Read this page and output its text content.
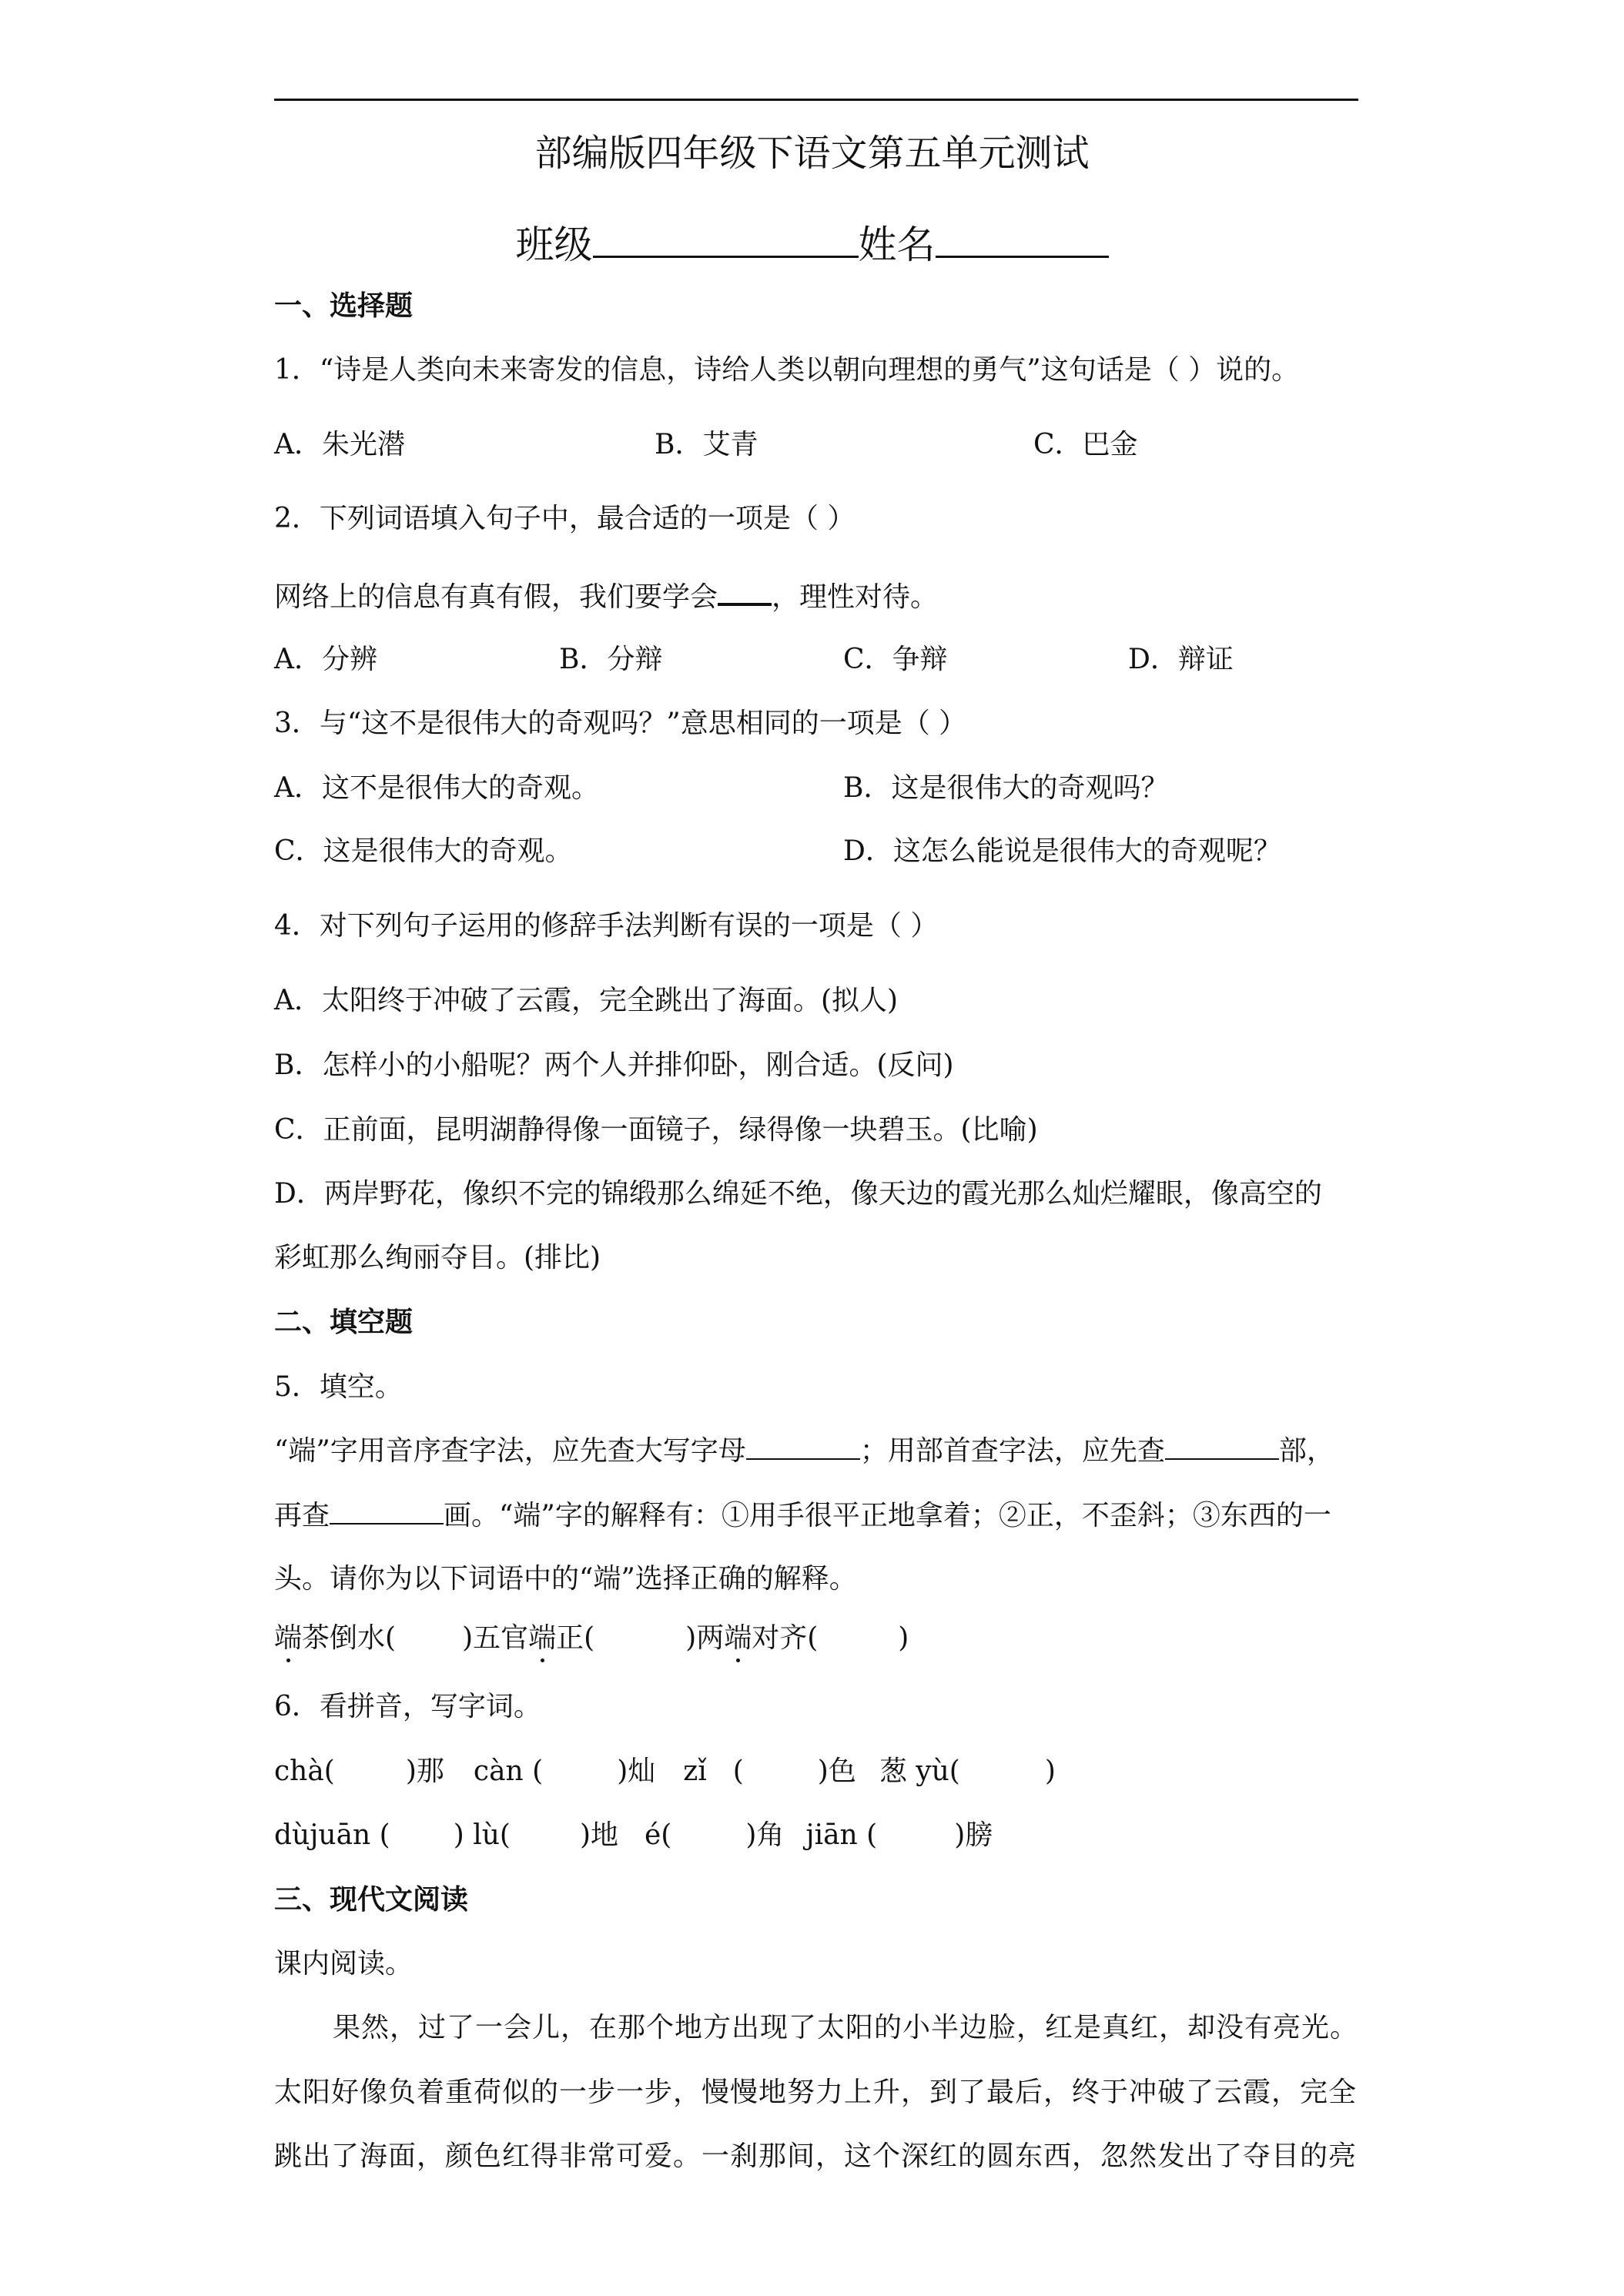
部编版四年级下语文第五单元测试
班级	姓名
一、选择题
1．“诗是人类向未来寄发的信息，诗给人类以朝向理想的勇气”这句话是（ ）说的。
A．朱光潜	B．艾青	C．巴金
2．下列词语填入句子中，最合适的一项是（ ）
网络上的信息有真有假，我们要学会 ，理性对待。
A．分辨	B．分辩	C．争辩	D．辩证
3．与“这不是很伟大的奇观吗？”意思相同的一项是（ ）
A．这不是很伟大的奇观。	B．这是很伟大的奇观吗？
C．这是很伟大的奇观。	D．这怎么能说是很伟大的奇观呢？
4．对下列句子运用的修辞手法判断有误的一项是（ ）
A．太阳终于冲破了云霞，完全跳出了海面。(拟人)
B．怎样小的小船呢？两个人并排仰卧，刚合适。(反问)
C．正前面，昆明湖静得像一面镜子，绿得像一块碧玉。(比喻)
D．两岸野花，像织不完的锦缎那么绵延不绝，像天边的霞光那么灿烂耀眼，像高空的
彩虹那么绚丽夺目。(排比)
二、填空题
5．填空。
“端”字用音序查字法，应先查大写字母	；用部首查字法，应先查	部，
再查	画。“端”字的解释有：①用手很平正地拿着；②正，不歪斜；③东西的一
头。请你为以下词语中的“端”选择正确的解释。
端茶倒水( )五官端正(	)两端对齐(	)
6．看拼音，写字词。
chà(	)那 càn (	)灿 zǐ (	)色 葱 yù(	)
dùjuān ( ) lù(	)地 é(	)角 jiān (	)膀
三、现代文阅读
课内阅读。
果然，过了一会儿，在那个地方出现了太阳的小半边脸，红是真红，却没有亮光。
太阳好像负着重荷似的一步一步，慢慢地努力上升，到了最后，终于冲破了云霞，完全
跳出了海面，颜色红得非常可爱。一刹那间，这个深红的圆东西，忽然发出了夺目的亮
